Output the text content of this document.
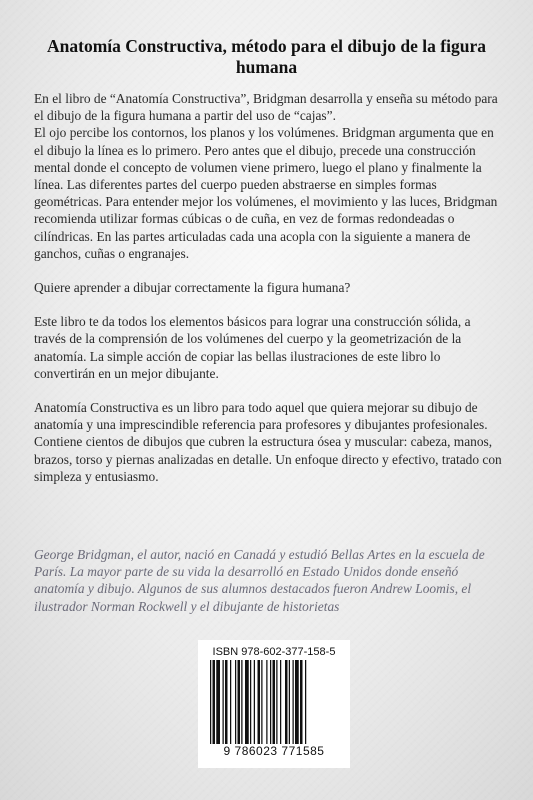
Anatomía Constructiva, método para el dibujo de la figura humana

En el libro de “Anatomía Constructiva”, Bridgman desarrolla y enseña su método para el dibujo de la figura humana a partir del uso de “cajas”.

El ojo percibe los contornos, los planos y los volúmenes. Bridgman argumenta que en el dibujo la línea es lo primero. Pero antes que el dibujo, precede una construcción mental donde el concepto de volumen viene primero, luego el plano y finalmente la línea. Las diferentes partes del cuerpo pueden abstraerse en simples formas geométricas. Para entender mejor los volúmenes, el movimiento y las luces, Bridgman recomienda utilizar formas cúbicas o de cuña, en vez de formas redondeadas o cilíndricas. En las partes articuladas cada una acopla con la siguiente a manera de ganchos, cuñas o engranajes.

Quiere aprender a dibujar correctamente la figura humana?

Este libro te da todos los elementos básicos para lograr una construcción sólida, a través de la comprensión de los volúmenes del cuerpo y la geometrización de la anatomía. La simple acción de copiar las bellas ilustraciones de este libro lo convertirán en un mejor dibujante.

Anatomía Constructiva es un libro para todo aquel que quiera mejorar su dibujo de anatomía y una imprescindible referencia para profesores y dibujantes profesionales.

Contiene cientos de dibujos que cubren la estructura ósea y muscular: cabeza, manos, brazos, torso y piernas analizadas en detalle. Un enfoque directo y efectivo, tratado con simpleza y entusiasmo.

George Bridgman, el autor, nació en Canadá y estudió Bellas Artes en la escuela de París. La mayor parte de su vida la desarrolló en Estado Unidos donde enseñó anatomía y dibujo. Algunos de sus alumnos destacados fueron Andrew Loomis, el ilustrador Norman Rockwell y el dibujante de historietas

ISBN 978-602-377-158-5
9 786023 771585
